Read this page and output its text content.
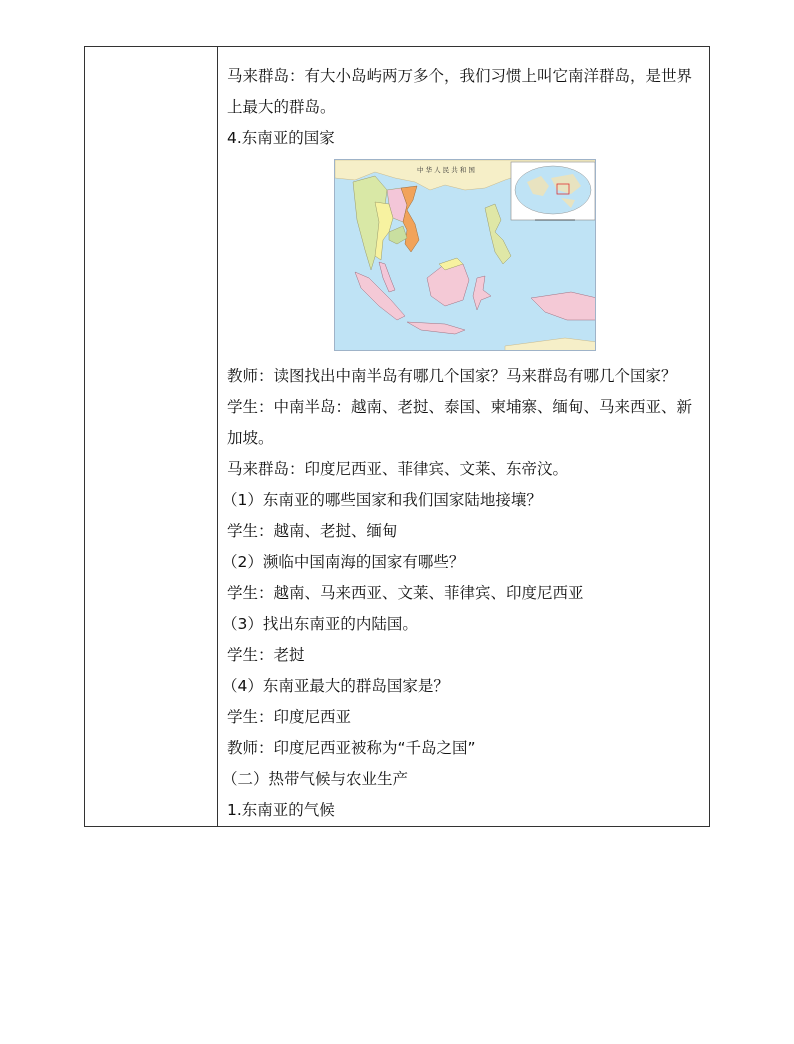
马来群岛：有大小岛屿两万多个，我们习惯上叫它南洋群岛，是世界
上最大的群岛。
4.东南亚的国家
中 华 人 民 共 和 国
教师：读图找出中南半岛有哪几个国家？马来群岛有哪几个国家？
学生：中南半岛：越南、老挝、泰国、柬埔寨、缅甸、马来西亚、新
加坡。
马来群岛：印度尼西亚、菲律宾、文莱、东帝汶。
（1）东南亚的哪些国家和我们国家陆地接壤？
学生：越南、老挝、缅甸
（2）濒临中国南海的国家有哪些？
学生：越南、马来西亚、文莱、菲律宾、印度尼西亚
（3）找出东南亚的内陆国。
学生：老挝
（4）东南亚最大的群岛国家是？
学生：印度尼西亚
教师：印度尼西亚被称为“千岛之国”
（二）热带气候与农业生产
1.东南亚的气候
